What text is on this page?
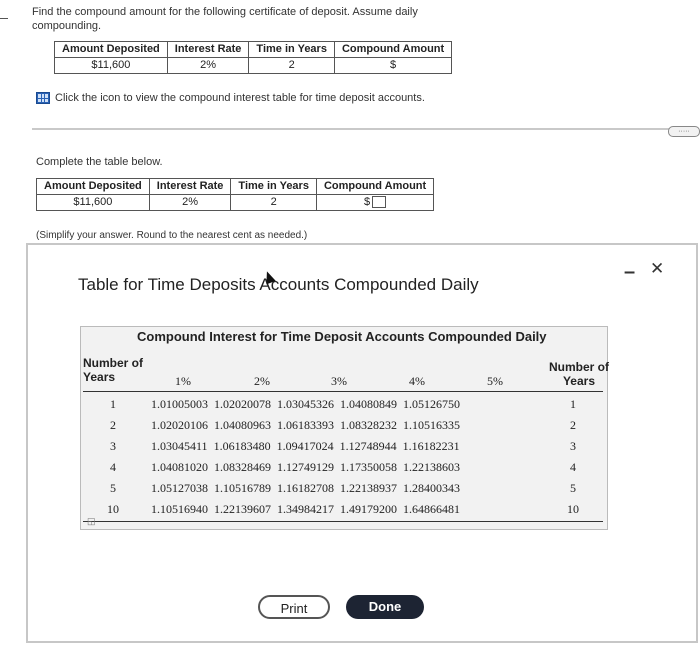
Find the compound amount for the following certificate of deposit. Assume daily compounding.
Amount Deposited	Interest Rate	Time in Years	Compound Amount
$11,600	2%	2	$
Click the icon to view the compound interest table for time deposit accounts.
·····
Complete the table below.
Amount Deposited	Interest Rate	Time in Years	Compound Amount
$11,600	2%	2	$
(Simplify your answer. Round to the nearest cent as needed.)
Table for Time Deposits Accounts Compounded Daily
– ✕
Compound Interest for Time Deposit Accounts Compounded Daily
Number of Years
Number of Years
1%	2%	3%	4%	5%
1	1.01005003 1.02020078 1.03045326 1.04080849 1.05126750	1
2	1.02020106 1.04080963 1.06183393 1.08328232 1.10516335	2
3	1.03045411 1.06183480 1.09417024 1.12748944 1.16182231	3
4	1.04081020 1.08328469 1.12749129 1.17350058 1.22138603	4
5	1.05127038 1.10516789 1.16182708 1.22138937 1.28400343	5
10	1.10516940 1.22139607 1.34984217 1.49179200 1.64866481	10
◱
Print	Done
